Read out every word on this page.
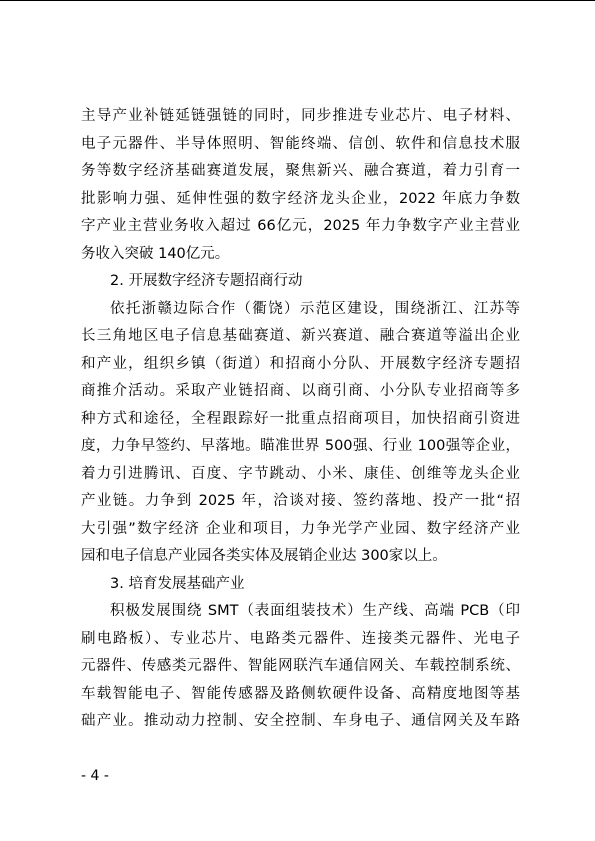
主导产业补链延链强链的同时，同步推进专业芯片、电子材料、
电子元器件、半导体照明、智能终端、信创、软件和信息技术服
务等数字经济基础赛道发展，聚焦新兴、融合赛道，着力引育一
批影响力强、延伸性强的数字经济龙头企业，2022 年底力争数
字产业主营业务收入超过 66亿元，2025 年力争数字产业主营业
务收入突破 140亿元。
2. 开展数字经济专题招商行动
依托浙赣边际合作（衢饶）示范区建设，围绕浙江、江苏等
长三角地区电子信息基础赛道、新兴赛道、融合赛道等溢出企业
和产业，组织乡镇（街道）和招商小分队、开展数字经济专题招
商推介活动。采取产业链招商、以商引商、小分队专业招商等多
种方式和途径，全程跟踪好一批重点招商项目，加快招商引资进
度，力争早签约、早落地。瞄准世界 500强、行业 100强等企业，
着力引进腾讯、百度、字节跳动、小米、康佳、创维等龙头企业
产业链。力争到 2025 年，洽谈对接、签约落地、投产一批“招
大引强”数字经济 企业和项目，力争光学产业园、数字经济产业
园和电子信息产业园各类实体及展销企业达 300家以上。
3. 培育发展基础产业
积极发展围绕 SMT（表面组装技术）生产线、高端 PCB（印
刷电路板）、专业芯片、电路类元器件、连接类元器件、光电子
元器件、传感类元器件、智能网联汽车通信网关、车载控制系统、
车载智能电子、智能传感器及路侧软硬件设备、高精度地图等基
础产业。推动动力控制、安全控制、车身电子、通信网关及车路
- 4 -
